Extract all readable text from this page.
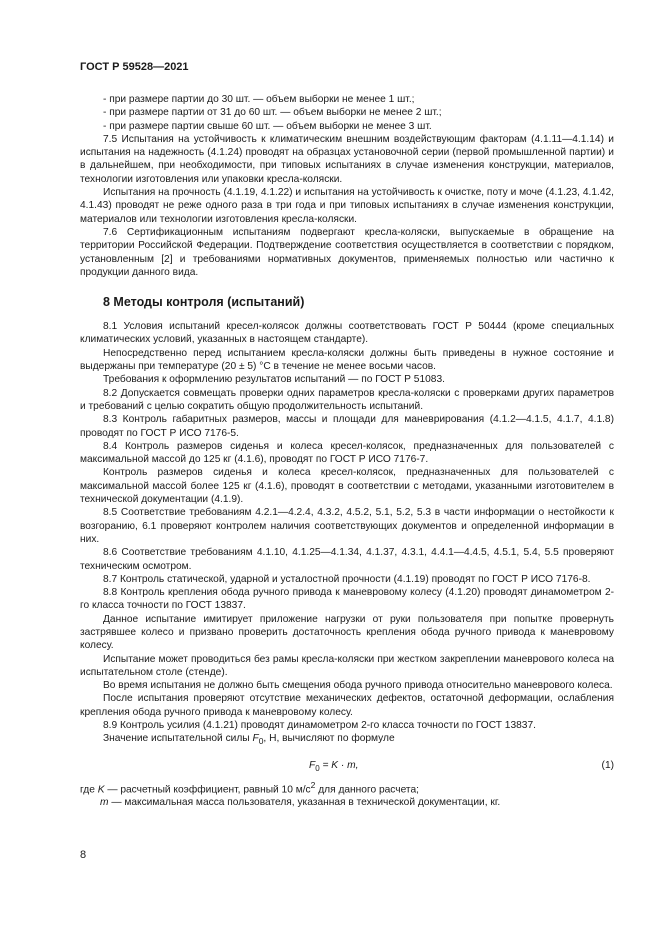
ГОСТ Р 59528—2021

- при размере партии до 30 шт. — объем выборки не менее 1 шт.;

- при размере партии от 31 до 60 шт. — объем выборки не менее 2 шт.;

- при размере партии свыше 60 шт. — объем выборки не менее 3 шт.

7.5 Испытания на устойчивость к климатическим внешним воздействующим факторам (4.1.11—4.1.14) и испытания на надежность (4.1.24) проводят на образцах установочной серии (первой промышленной партии) и в дальнейшем, при необходимости, при типовых испытаниях в случае изменения конструкции, материалов, технологии изготовления или упаковки кресла-коляски.

Испытания на прочность (4.1.19, 4.1.22) и испытания на устойчивость к очистке, поту и моче (4.1.23, 4.1.42, 4.1.43) проводят не реже одного раза в три года и при типовых испытаниях в случае изменения конструкции, материалов или технологии изготовления кресла-коляски.

7.6 Сертификационным испытаниям подвергают кресла-коляски, выпускаемые в обращение на территории Российской Федерации. Подтверждение соответствия осуществляется в соответствии с порядком, установленным [2] и требованиями нормативных документов, применяемых полностью или частично к продукции данного вида.

8 Методы контроля (испытаний)

8.1 Условия испытаний кресел-колясок должны соответствовать ГОСТ Р 50444 (кроме специальных климатических условий, указанных в настоящем стандарте).

Непосредственно перед испытанием кресла-коляски должны быть приведены в нужное состояние и выдержаны при температуре (20 ± 5) °С в течение не менее восьми часов.

Требования к оформлению результатов испытаний — по ГОСТ Р 51083.

8.2 Допускается совмещать проверки одних параметров кресла-коляски с проверками других параметров и требований с целью сократить общую продолжительность испытаний.

8.3 Контроль габаритных размеров, массы и площади для маневрирования (4.1.2—4.1.5, 4.1.7, 4.1.8) проводят по ГОСТ Р ИСО 7176-5.

8.4 Контроль размеров сиденья и колеса кресел-колясок, предназначенных для пользователей с максимальной массой до 125 кг (4.1.6), проводят по ГОСТ Р ИСО 7176-7.

Контроль размеров сиденья и колеса кресел-колясок, предназначенных для пользователей с максимальной массой более 125 кг (4.1.6), проводят в соответствии с методами, указанными изготовителем в технической документации (4.1.9).

8.5 Соответствие требованиям 4.2.1—4.2.4, 4.3.2, 4.5.2, 5.1, 5.2, 5.3 в части информации о нестойкости к возгоранию, 6.1 проверяют контролем наличия соответствующих документов и определенной информации в них.

8.6 Соответствие требованиям 4.1.10, 4.1.25—4.1.34, 4.1.37, 4.3.1, 4.4.1—4.4.5, 4.5.1, 5.4, 5.5 проверяют техническим осмотром.

8.7 Контроль статической, ударной и усталостной прочности (4.1.19) проводят по ГОСТ Р ИСО 7176-8.

8.8 Контроль крепления обода ручного привода к маневровому колесу (4.1.20) проводят динамометром 2-го класса точности по ГОСТ 13837.

Данное испытание имитирует приложение нагрузки от руки пользователя при попытке провернуть застрявшее колесо и призвано проверить достаточность крепления обода ручного привода к маневровому колесу.

Испытание может проводиться без рамы кресла-коляски при жестком закреплении маневрового колеса на испытательном столе (стенде).

Во время испытания не должно быть смещения обода ручного привода относительно маневрового колеса.

После испытания проверяют отсутствие механических дефектов, остаточной деформации, ослабления крепления обода ручного привода к маневровому колесу.

8.9 Контроль усилия (4.1.21) проводят динамометром 2-го класса точности по ГОСТ 13837.

Значение испытательной силы $F_0$, Н, вычисляют по формуле

$F_0 = K \cdot m$,	(1)

где K — расчетный коэффициент, равный 10 $м/с^2$ для данного расчета;

m — максимальная масса пользователя, указанная в технической документации, кг.

8
